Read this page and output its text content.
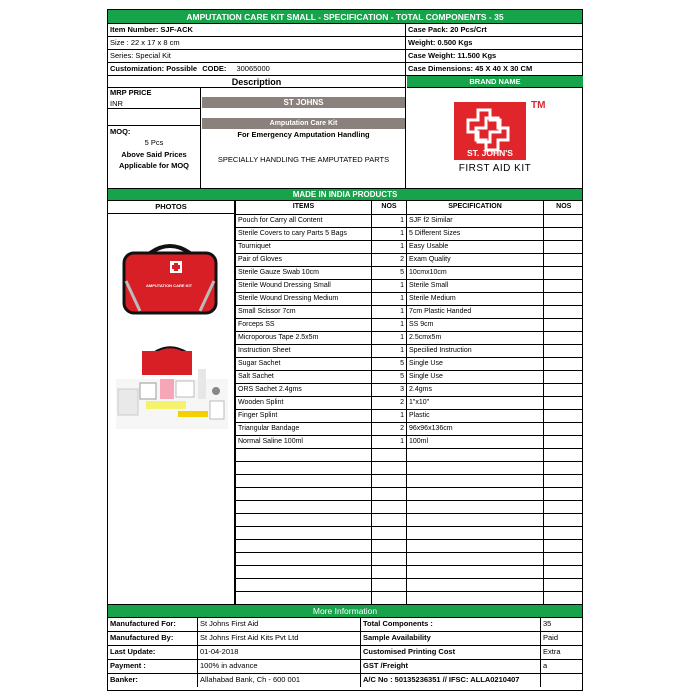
AMPUTATION CARE KIT SMALL - SPECIFICATION - TOTAL COMPONENTS - 35
Item Number: SJF-ACK	Case Pack: 20 Pcs/Crt
Size : 22 x 17 x 8 cm	Weight: 0.500 Kgs
Series: Special Kit	Case Weight: 11.500 Kgs
Customization: Possible CODE: 30065000	Case Dimensions: 45 X 40 X 30 CM
Description	BRAND NAME
MRP PRICE
INR
MOQ:
5 Pcs
Above Said Prices
Applicable for MOQ
ST JOHNS
Amputation Care Kit
For Emergency Amputation Handling
SPECIALLY HANDLING THE AMPUTATED PARTS
ST. JOHN'S
TM
FIRST AID KIT
MADE IN INDIA PRODUCTS
PHOTOS
AMPUTATION CARE KIT
ITEMS	NOS	SPECIFICATION	NOS
Pouch for Carry all Content	1	SJF f2 Similar	
Sterile Covers to cary Parts 5 Bags	1	5 Different Sizes	
Tourniquet	1	Easy Usable	
Pair of Gloves	2	Exam Quality	
Sterile Gauze Swab 10cm	5	10cmx10cm	
Sterile Wound Dressing Small	1	Sterile Small	
Sterile Wound Dressing Medium	1	Sterile Medium	
Small Scissor 7cm	1	7cm Plastic Handed	
Forceps SS	1	SS 9cm	
Microporous Tape 2.5x5m	1	2.5cmx5m	
Instruction Sheet	1	Specilied Instruction	
Sugar Sachet	5	Single Use	
Salt Sachet	5	Single Use	
ORS Sachet 2.4gms	3	2.4gms	
Wooden Splint	2	1"x10"	
Finger Splint	1	Plastic	
Triangular Bandage	2	96x96x136cm	
Normal Saline 100ml	1	100ml	

More Information
Manufactured For:	St Johns First Aid	Total Components :	35
Manufactured By:	St Johns First Aid Kits Pvt Ltd	Sample Availability	Paid
Last Update:	01-04-2018	Customised Printing Cost	Extra
Payment :	100% in advance	GST /Freight	a
Banker:	Allahabad Bank, Ch - 600 001	A/C No : 50135236351 // IFSC: ALLA0210407
